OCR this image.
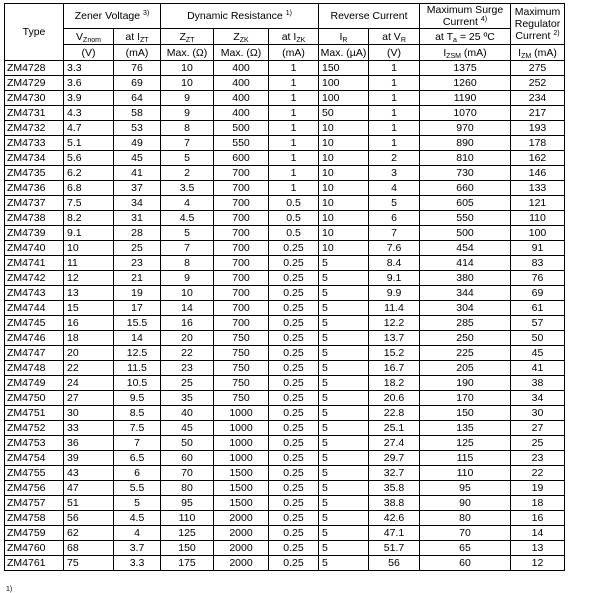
Type	Zener Voltage $^{3)}$		Dynamic Resistance $^{1)}$			Reverse Current		Maximum Surge Current $^{4)}$	Maximum
Regulator Current $^{2)}$
	$V_{Znom}$	at $I_{ZT}$	$Z_{ZT}$	$Z_{ZK}$	at $I_{ZK}$	$I_R$	at $V_R$	at $T_a = 25$ ºC	
	(V)	(mA)	Max. (Ω)	Max. (Ω)	(mA)	Max. (µA)	(V)	$I_{ZSM}$ (mA)	$I_{ZM}$ (mA)
ZM4728	3.3	76	10	400	1	150	1	1375	275
ZM4729	3.6	69	10	400	1	100	1	1260	252
ZM4730	3.9	64	9	400	1	100	1	1190	234
ZM4731	4.3	58	9	400	1	50	1	1070	217
ZM4732	4.7	53	8	500	1	10	1	970	193
ZM4733	5.1	49	7	550	1	10	1	890	178
ZM4734	5.6	45	5	600	1	10	2	810	162
ZM4735	6.2	41	2	700	1	10	3	730	146
ZM4736	6.8	37	3.5	700	1	10	4	660	133
ZM4737	7.5	34	4	700	0.5	10	5	605	121
ZM4738	8.2	31	4.5	700	0.5	10	6	550	110
ZM4739	9.1	28	5	700	0.5	10	7	500	100
ZM4740	10	25	7	700	0.25	10	7.6	454	91
ZM4741	11	23	8	700	0.25	5	8.4	414	83
ZM4742	12	21	9	700	0.25	5	9.1	380	76
ZM4743	13	19	10	700	0.25	5	9.9	344	69
ZM4744	15	17	14	700	0.25	5	11.4	304	61
ZM4745	16	15.5	16	700	0.25	5	12.2	285	57
ZM4746	18	14	20	750	0.25	5	13.7	250	50
ZM4747	20	12.5	22	750	0.25	5	15.2	225	45
ZM4748	22	11.5	23	750	0.25	5	16.7	205	41
ZM4749	24	10.5	25	750	0.25	5	18.2	190	38
ZM4750	27	9.5	35	750	0.25	5	20.6	170	34
ZM4751	30	8.5	40	1000	0.25	5	22.8	150	30
ZM4752	33	7.5	45	1000	0.25	5	25.1	135	27
ZM4753	36	7	50	1000	0.25	5	27.4	125	25
ZM4754	39	6.5	60	1000	0.25	5	29.7	115	23
ZM4755	43	6	70	1500	0.25	5	32.7	110	22
ZM4756	47	5.5	80	1500	0.25	5	35.8	95	19
ZM4757	51	5	95	1500	0.25	5	38.8	90	18
ZM4758	56	4.5	110	2000	0.25	5	42.6	80	16
ZM4759	62	4	125	2000	0.25	5	47.1	70	14
ZM4760	68	3.7	150	2000	0.25	5	51.7	65	13
ZM4761	75	3.3	175	2000	0.25	5	56	60	12
1)
